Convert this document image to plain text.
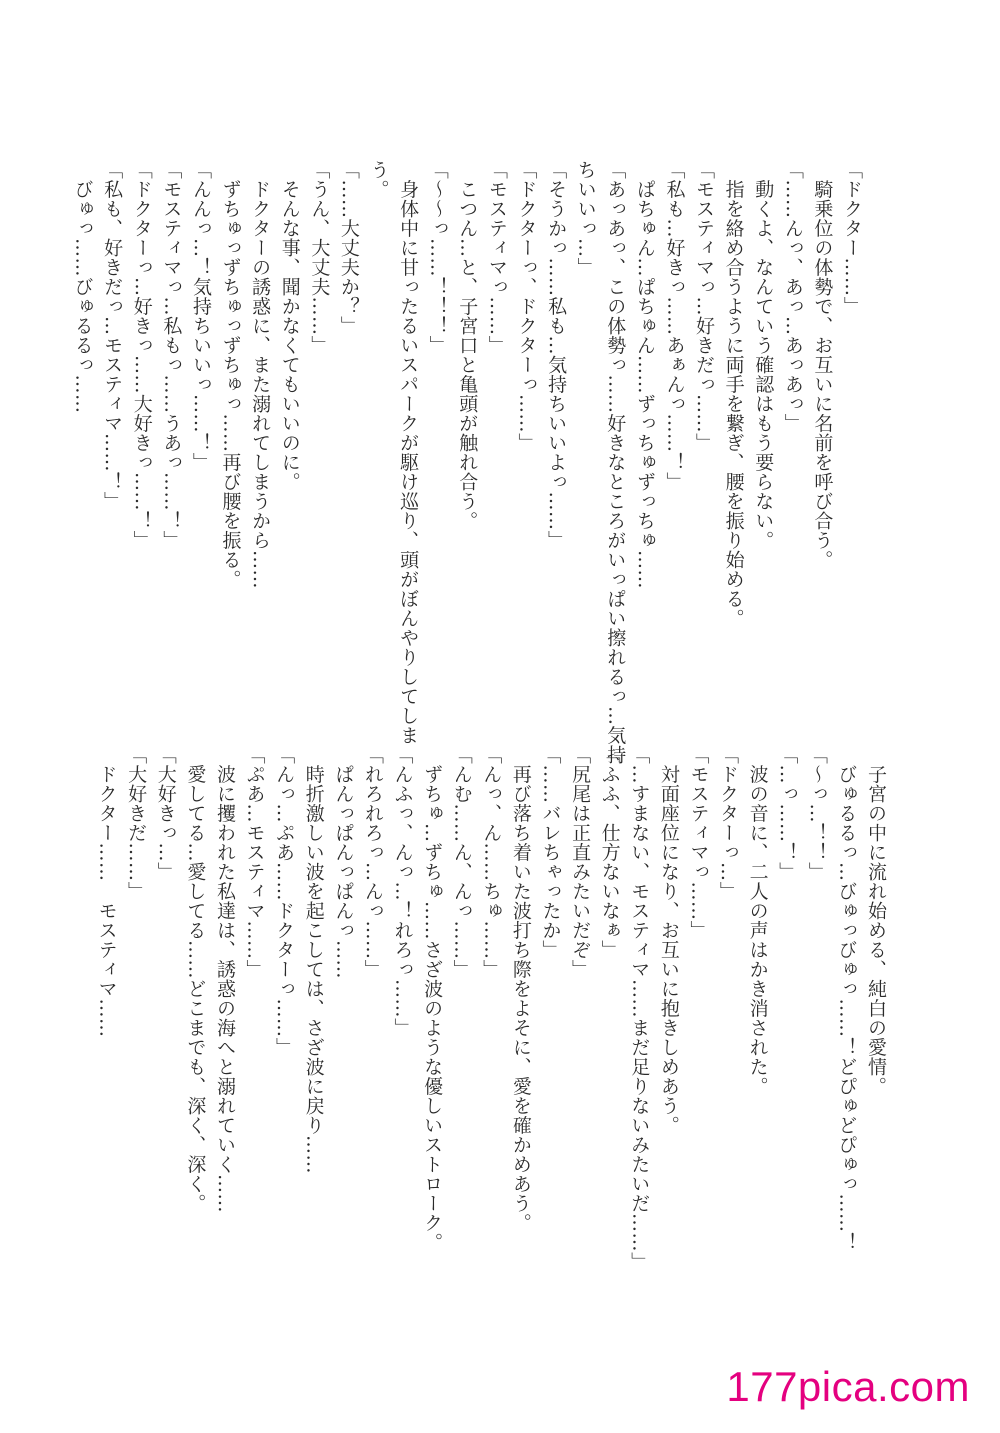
「ドクター……」
　騎乗位の体勢で、お互いに名前を呼び合う。
「……んっ、あっ…あっあっ」
　動くよ、なんていう確認はもう要らない。
　指を絡め合うように両手を繋ぎ、腰を振り始める。
「モスティマっ…好きだっ……」
「私も…好きっ……あぁんっ……！」
　ぱちゅん…ぱちゅん……ずっちゅずっちゅ……
「あっあっ、この体勢っ……好きなところがいっぱい擦れるっ…気持
ちいいっ…」
「そうかっ……私も…気持ちいいよっ……」
「ドクターっ、ドクターっ……」
「モスティマっ……」
　こつん…と、子宮口と亀頭が触れ合う。
「〜〜っ……！！！」
　身体中に甘ったるいスパークが駆け巡り、頭がぼんやりしてしま
う。
「……大丈夫か？」
「うん、大丈夫……」
　そんな事、聞かなくてもいいのに。
　ドクターの誘惑に、また溺れてしまうから……
　ずちゅっずちゅっずちゅっ……再び腰を振る。
「んんっ…！気持ちいいっ……！」
「モスティマっ…私もっ……うあっ……！」
「ドクターっ…好きっ……大好きっ……！」
「私も、好きだっ…モスティマ……！」
　びゅっ……びゅるるっ……
　子宮の中に流れ始める、純白の愛情。
　びゅるるっ…びゅっびゅっ……！どぴゅどぴゅっ……！
「〜っ…！！」
「…っ……！」
　波の音に、二人の声はかき消された。
「ドクターっ…」
「モスティマっ……」
　対面座位になり、お互いに抱きしめあう。
「…すまない、モスティマ……まだ足りないみたいだ……」
「ふふ、仕方ないなぁ」
「尻尾は正直みたいだぞ」
「……バレちゃったか」
　再び落ち着いた波打ち際をよそに、愛を確かめあう。
「んっ、ん……ちゅ……」
「んむ……ん、んっ……」
　ずちゅ…ずちゅ……さざ波のような優しいストローク。
「んふっ、んっ…！れろっ……」
「れろれろっ…んっ……」
　ぱんっぱんっぱんっ……
　時折激しい波を起こしては、さざ波に戻り……
「んっ…ぷあ……ドクターっ……」
「ぷあ…モスティマ……」
　波に攫われた私達は、誘惑の海へと溺れていく……
　愛してる…愛してる……どこまでも、深く、深く。
「大好きっ…」
「大好きだ……」
　ドクター……　モスティマ……
177pica.com
